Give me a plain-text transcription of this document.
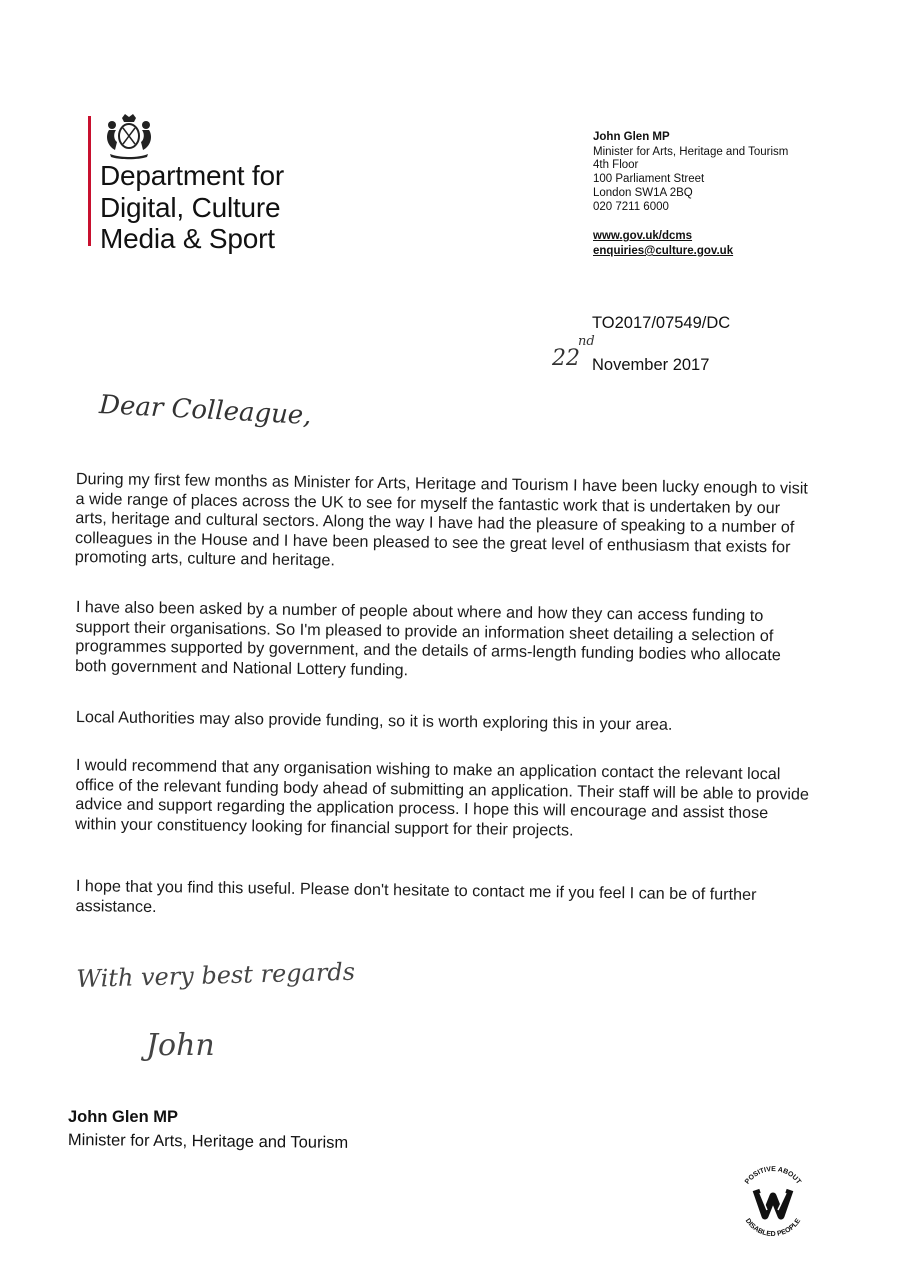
Department for
Digital, Culture
Media & Sport
John Glen MP
Minister for Arts, Heritage and Tourism
4th Floor
100 Parliament Street
London SW1A 2BQ
020 7211 6000
www.gov.uk/dcms
enquiries@culture.gov.uk
TO2017/07549/DC
22
nd
November 2017
Dear Colleague,
During my first few months as Minister for Arts, Heritage and Tourism I have been lucky enough to visit a wide range of places across the UK to see for myself the fantastic work that is undertaken by our arts, heritage and cultural sectors. Along the way I have had the pleasure of speaking to a number of colleagues in the House and I have been pleased to see the great level of enthusiasm that exists for promoting arts, culture and heritage.
I have also been asked by a number of people about where and how they can access funding to support their organisations. So I'm pleased to provide an information sheet detailing a selection of programmes supported by government, and the details of arms-length funding bodies who allocate both government and National Lottery funding.
Local Authorities may also provide funding, so it is worth exploring this in your area.
I would recommend that any organisation wishing to make an application contact the relevant local office of the relevant funding body ahead of submitting an application. Their staff will be able to provide advice and support regarding the application process. I hope this will encourage and assist those within your constituency looking for financial support for their projects.
I hope that you find this useful. Please don't hesitate to contact me if you feel I can be of further assistance.
With very best regards
John
John Glen MP
Minister for Arts, Heritage and Tourism
POSITIVE ABOUT
DISABLED PEOPLE
